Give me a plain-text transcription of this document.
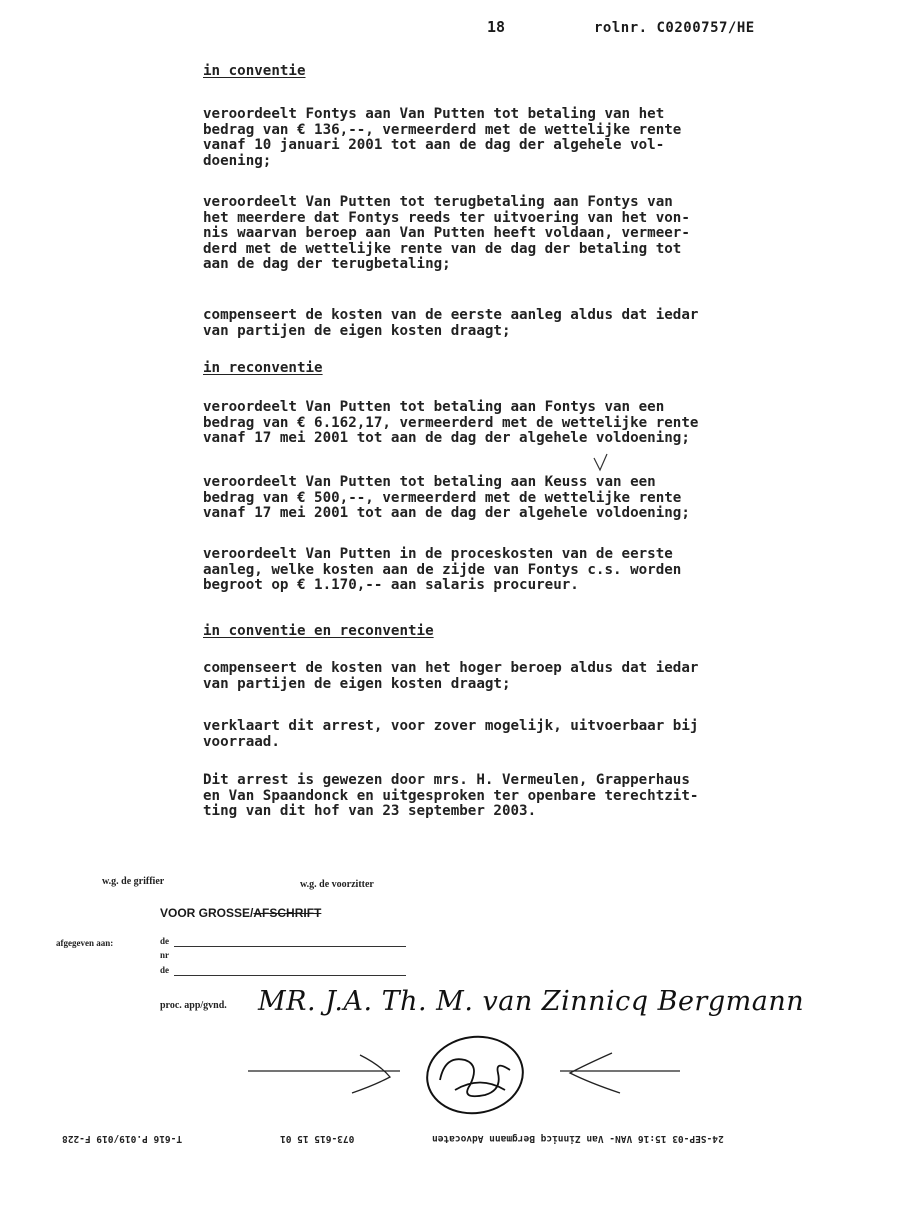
18	rolnr. C0200757/HE
in conventie
veroordeelt Fontys aan Van Putten tot betaling van het
bedrag van € 136,--, vermeerderd met de wettelijke rente
vanaf 10 januari 2001 tot aan de dag der algehele vol-
doening;
veroordeelt Van Putten tot terugbetaling aan Fontys van
het meerdere dat Fontys reeds ter uitvoering van het von-
nis waarvan beroep aan Van Putten heeft voldaan, vermeer-
derd met de wettelijke rente van de dag der betaling tot
aan de dag der terugbetaling;
compenseert de kosten van de eerste aanleg aldus dat iedar
van partijen de eigen kosten draagt;
in reconventie
veroordeelt Van Putten tot betaling aan Fontys van een
bedrag van € 6.162,17, vermeerderd met de wettelijke rente
vanaf 17 mei 2001 tot aan de dag der algehele voldoening;
veroordeelt Van Putten tot betaling aan Keuss van een
bedrag van € 500,--, vermeerderd met de wettelijke rente
vanaf 17 mei 2001 tot aan de dag der algehele voldoening;
veroordeelt Van Putten in de proceskosten van de eerste
aanleg, welke kosten aan de zijde van Fontys c.s. worden
begroot op € 1.170,-- aan salaris procureur.
in conventie en reconventie
compenseert de kosten van het hoger beroep aldus dat iedar
van partijen de eigen kosten draagt;
verklaart dit arrest, voor zover mogelijk, uitvoerbaar bij
voorraad.
Dit arrest is gewezen door mrs. H. Vermeulen, Grapperhaus
en Van Spaandonck en uitgesproken ter openbare terechtzit-
ting van dit hof van 23 september 2003.
w.g. de griffier	w.g. de voorzitter
VOOR GROSSE/AFSCHRIFT
afgegeven aan:	de
nr
de
proc. app/gvnd. MR. J.A. Th. M. van Zinnicq Bergmann
24-SEP-03 15:16 VAN- Van Zinnicq Bergmann Advocaten
073-615 15 01
T-616 P.019/019 F-228
